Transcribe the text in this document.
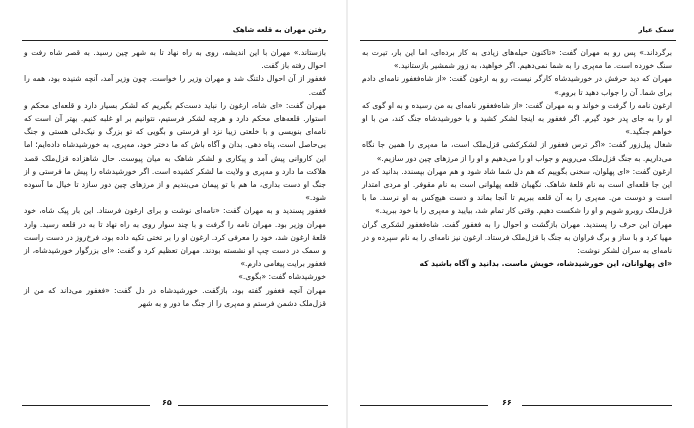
رفتن مهران به قلعه شاهک

بازستاند.» مهران با این اندیشه، روی به راه نهاد تا به شهر چین رسید. به قصر شاه رفت و احوال رفته باز گفت.

فغفور از آن احوال دلتنگ شد و مهران وزیر را خواست. چون وزیر آمد، آنچه شنیده بود، همه را گفت.

مهران گفت: «ای شاه، ارغون را نباید دست‌کم بگیریم که لشکر بسیار دارد و قلعه‌ای محکم و استوار. قلعه‌های محکم دارد و هرچه لشکر فرستیم، نتوانیم بر او غلبه کنیم. بهتر آن است که نامه‌ای بنویسی و با خلعتی زیبا نزد او فرستی و بگویی که تو بزرگ و نیک‌دلی هستی و جنگ بی‌حاصل است، پناه دهی. بدان و آگاه باش که ما دختر خود، مه‌پری، به خورشیدشاه داده‌ایم؛ اما این کاروانی پیش آمد و پیکاری و لشکر شاهک به میان پیوست. حال شاهزاده قزل‌ملک قصد هلاکت ما دارد و مه‌پری و ولایت ما لشکر کشیده است. اگر خورشیدشاه را پیش ما فرستی و از جنگ او دست بداری، ما هم با تو پیمان می‌بندیم و از مرزهای چین دور سازد تا خیال ما آسوده شود.»

فغفور پسندید و به مهران گفت: «نامه‌ای نوشت و برای ارغون فرستاد. این بار پیک شاه، خود مهران وزیر بود. مهران نامه را گرفت و با چند سوار روی به راه نهاد تا به در قلعه رسید. وارد قلعهٔ ارغون شد، خود را معرفی کرد. ارغون او را بر تختی تکیه داده بود، فرخ‌روز در دست راست و سمک در دست چپ او نشسته بودند. مهران تعظیم کرد و گفت: «ای بزرگوار خورشیدشاه، از فغفور برایت پیغامی دارم.»

خورشیدشاه گفت: «بگوی.»

مهران آنچه فغفور گفته بود، بازگفت. خورشیدشاه در دل گفت: «فغفور می‌داند که من از قزل‌ملک دشمن فرستم و مه‌پری را از جنگ ما دور و به شهر

۶۵
سمک عیار

برگرداند.» پس رو به مهران گفت: «تاکنون حیله‌های زیادی به کار برده‌ای، اما این بار، تیرت به سنگ خورده است. ما مه‌پری را به شما نمی‌دهیم. اگر خواهید، به زور شمشیر بازستانید.»

مهران که دید حرفش در خورشیدشاه کارگر نیست، رو به ارغون گفت: «از شاه‌فغفور نامه‌ای دادم برای شما. آن را جواب دهید تا بروم.»

ارغون نامه را گرفت و خواند و به مهران گفت: «از شاه‌فغفور نامه‌ای به من رسیده و به او گوی که او را به جای پدر خود گیرم. اگر فغفور به اینجا لشکر کشید و با خورشیدشاه جنگ کند، من با او خواهم جنگید.»

شغال پیل‌زور گفت: «اگر ترس فغفور از لشکرکشی قزل‌ملک است، ما مه‌پری را همین جا نگاه می‌داریم. به جنگ قزل‌ملک می‌رویم و جواب او را می‌دهیم و او را از مرزهای چین دور سازیم.»

ارغون گفت: «ای پهلوان، سخنی بگوییم که هم دل شما شاد شود و هم مهران بپسندد. بدانید که در این جا قلعه‌ای است به نام قلعهٔ شاهک. نگهبان قلعه پهلوانی است به نام مقوفر. او مردی امتدار است و دوست من. مه‌پری را به آن قلعه ببریم تا آنجا بماند و دست هیچ‌کس به او نرسد. ما با قزل‌ملک روبرو شویم و او را شکست دهیم. وقتی کار تمام شد، بیایید و مه‌پری را با خود ببرید.»

مهران این حرف را پسندید. مهران بازگشت و احوال را به فغفور گفت. شاه‌فغفور لشکری گران مهیا کرد و با ساز و برگ فراوان به جنگ با قزل‌ملک فرستاد. ارغون نیز نامه‌ای را به نام سپرده و در نامه‌ای به سران لشکر نوشت:

«ای پهلوانان، این خورشیدشاه، خویش ماست. بدانید و آگاه باشید که

۶۶
